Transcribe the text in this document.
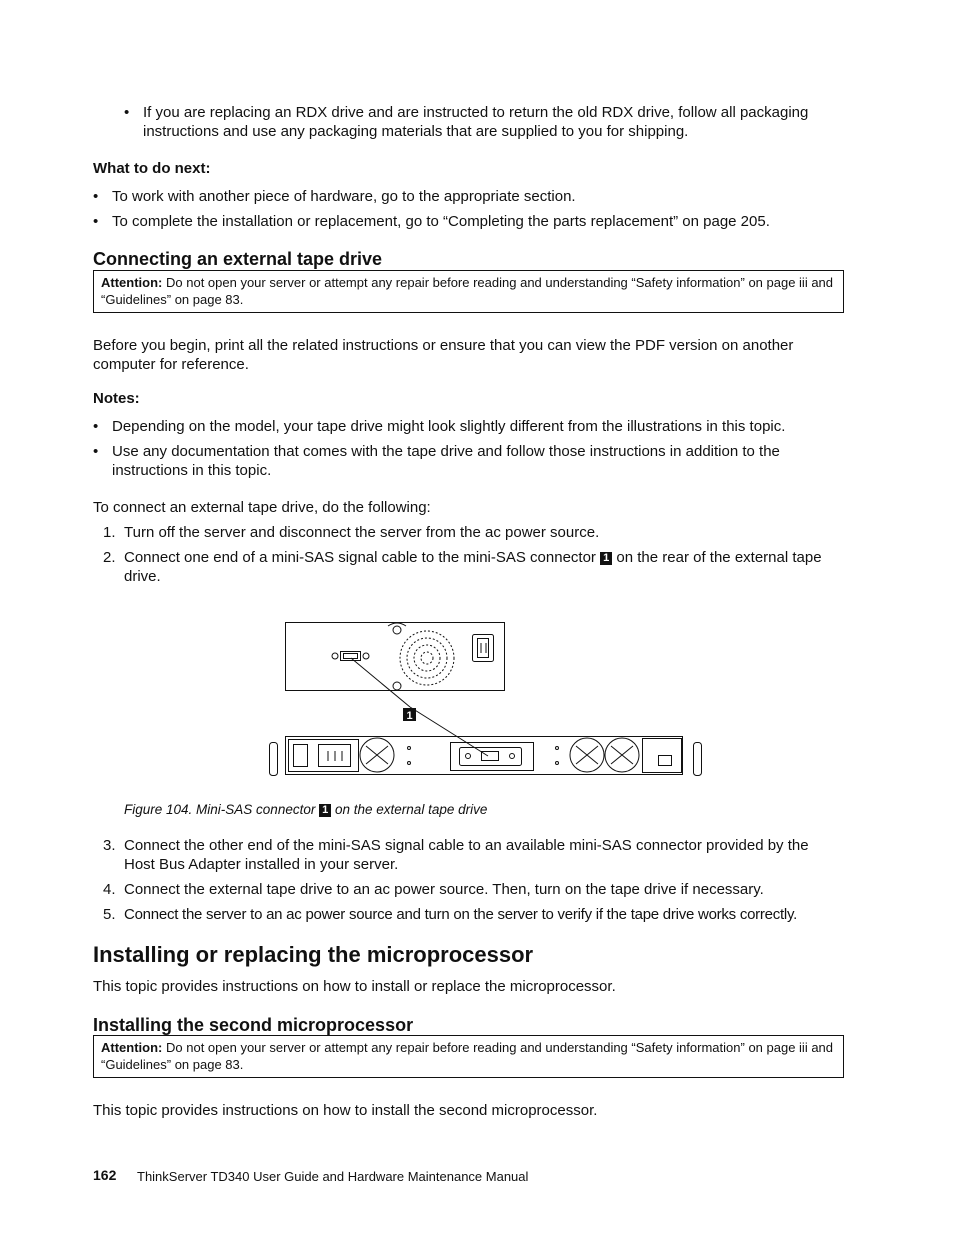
• If you are replacing an RDX drive and are instructed to return the old RDX drive, follow all packaging instructions and use any packaging materials that are supplied to you for shipping.
What to do next:
• To work with another piece of hardware, go to the appropriate section.
• To complete the installation or replacement, go to “Completing the parts replacement” on page 205.
Connecting an external tape drive
Attention: Do not open your server or attempt any repair before reading and understanding “Safety information” on page iii and “Guidelines” on page 83.
Before you begin, print all the related instructions or ensure that you can view the PDF version on another computer for reference.
Notes:
• Depending on the model, your tape drive might look slightly different from the illustrations in this topic.
• Use any documentation that comes with the tape drive and follow those instructions in addition to the instructions in this topic.
To connect an external tape drive, do the following:
1. Turn off the server and disconnect the server from the ac power source.
2. Connect one end of a mini-SAS signal cable to the mini-SAS connector 1 on the rear of the external tape drive.
1
Figure 104. Mini-SAS connector 1 on the external tape drive
3. Connect the other end of the mini-SAS signal cable to an available mini-SAS connector provided by the Host Bus Adapter installed in your server.
4. Connect the external tape drive to an ac power source. Then, turn on the tape drive if necessary.
5. Connect the server to an ac power source and turn on the server to verify if the tape drive works correctly.
Installing or replacing the microprocessor
This topic provides instructions on how to install or replace the microprocessor.
Installing the second microprocessor
Attention: Do not open your server or attempt any repair before reading and understanding “Safety information” on page iii and “Guidelines” on page 83.
This topic provides instructions on how to install the second microprocessor.
162 ThinkServer TD340 User Guide and Hardware Maintenance Manual
